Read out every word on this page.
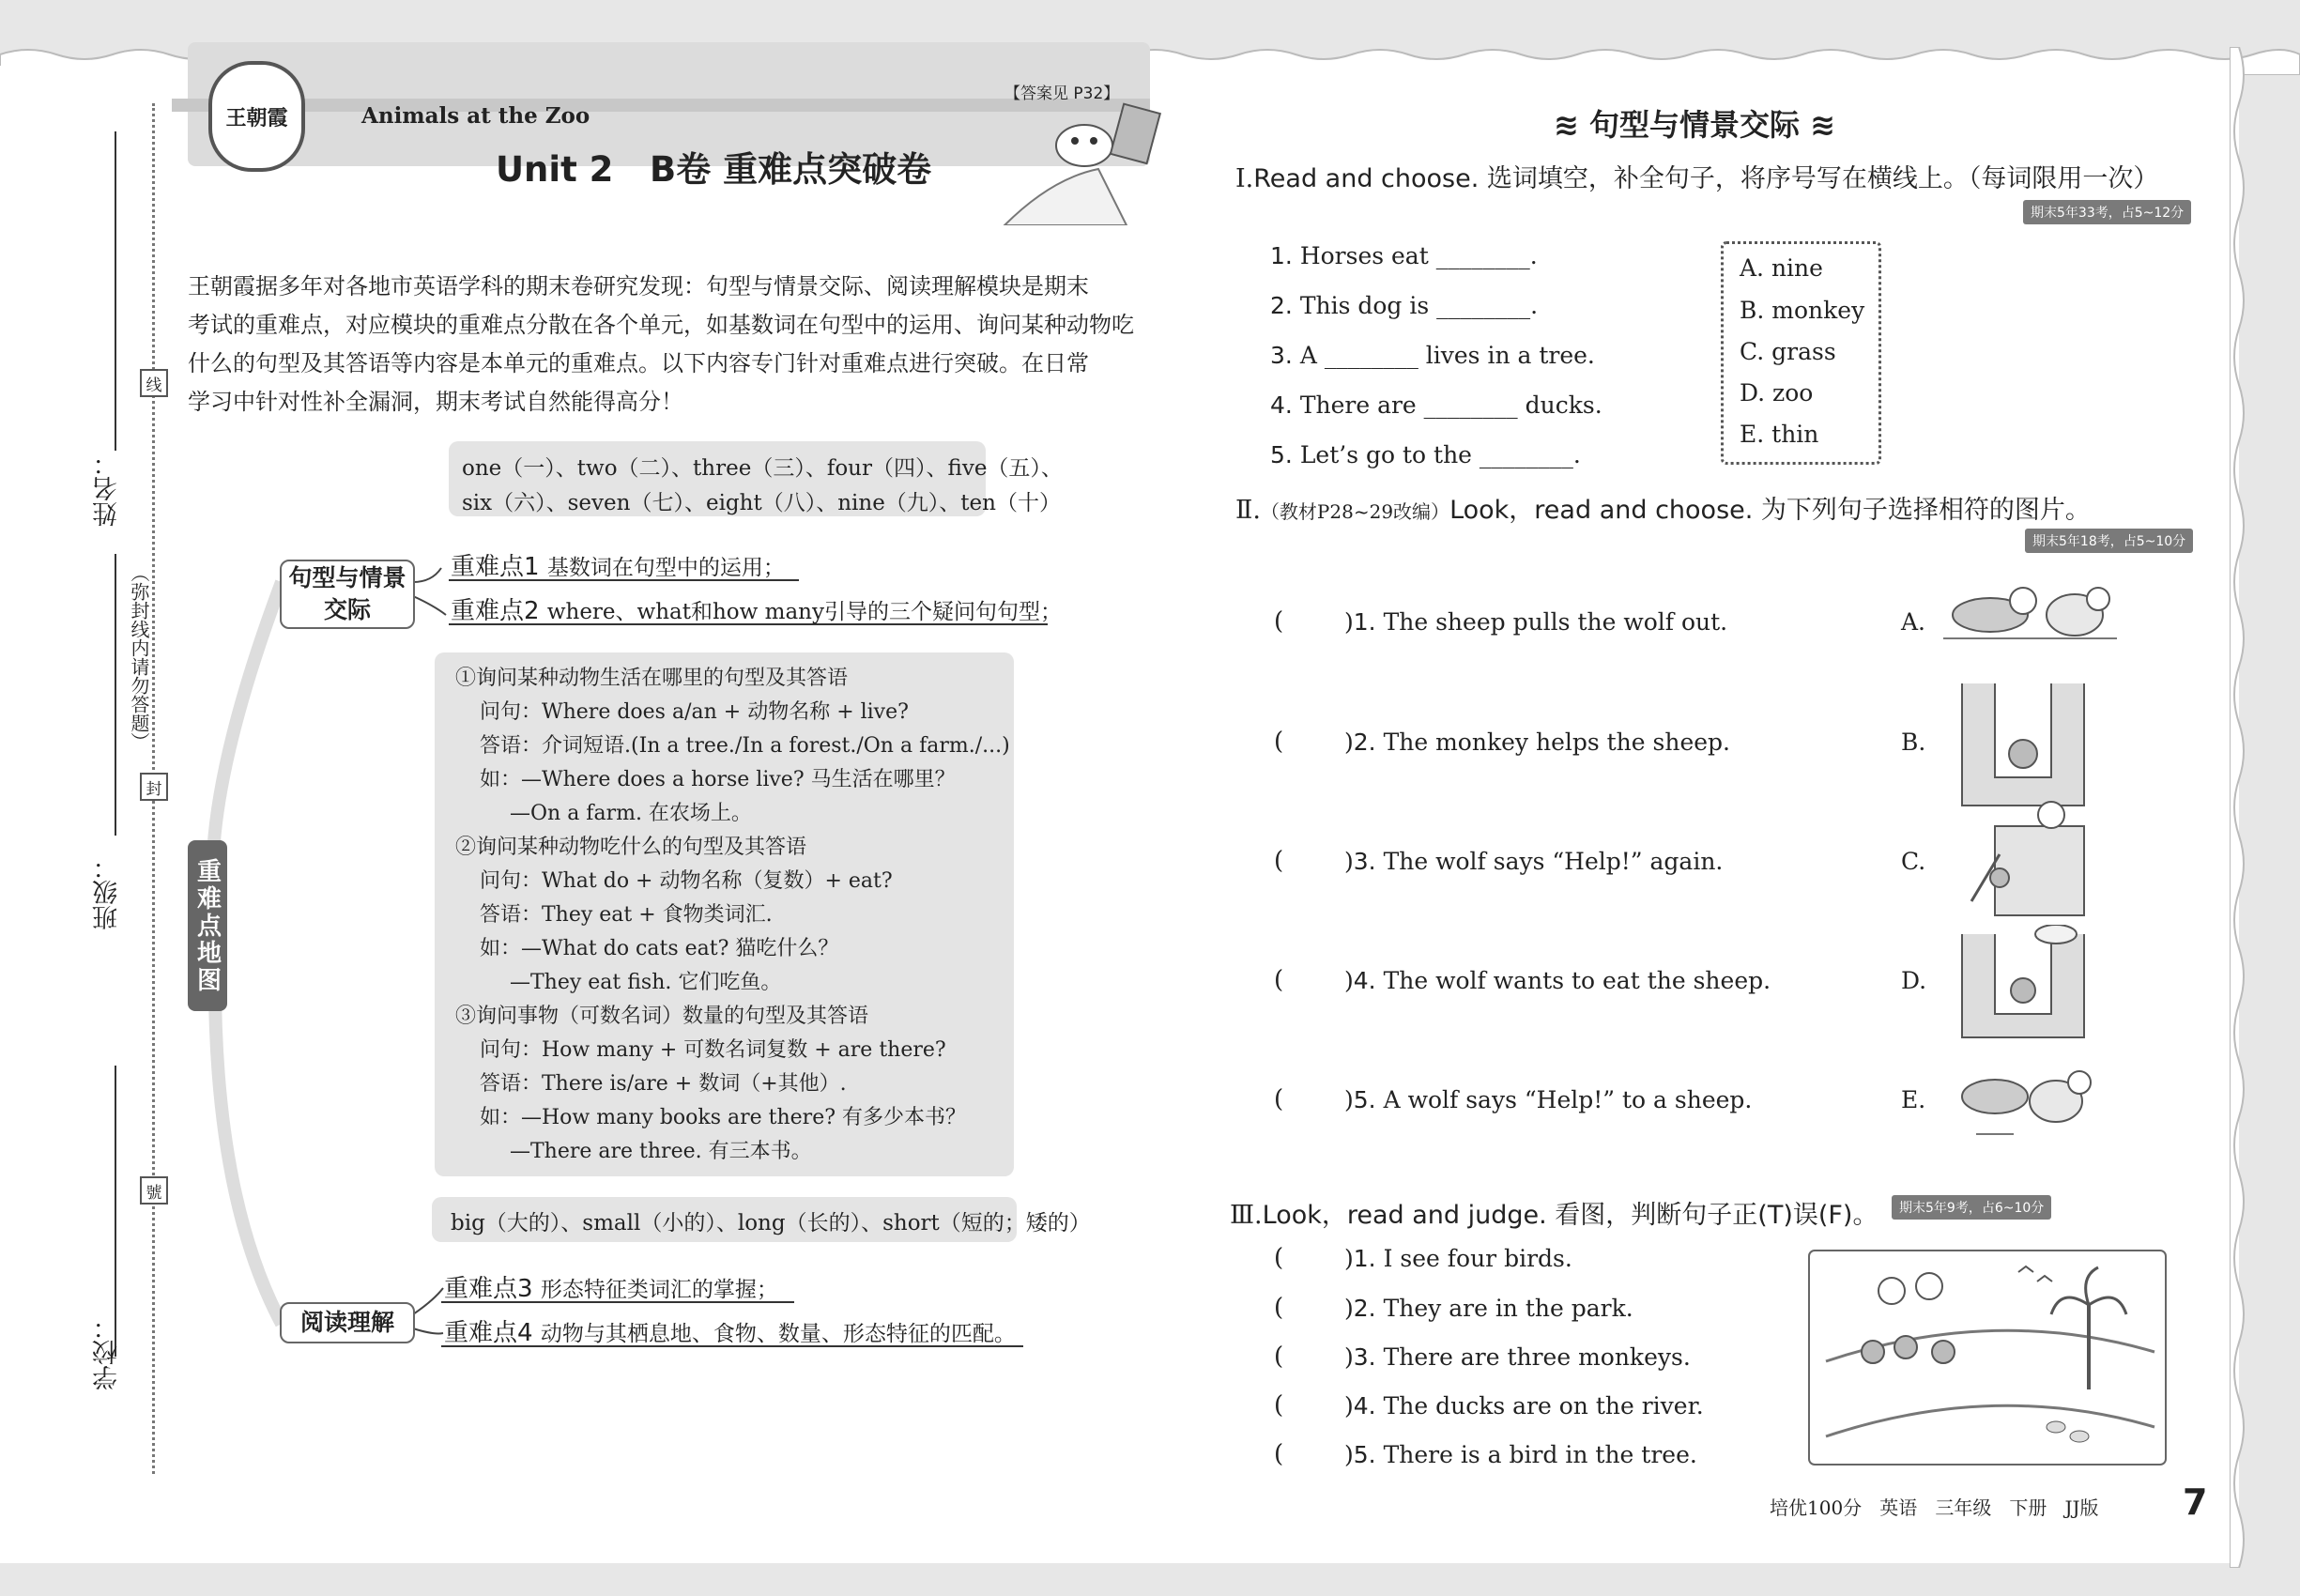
姓名：
班级：
学校：
线
封
號
（弥封线内请勿答题）
王朝霞	Animals at the Zoo
Unit 2   B卷 重难点突破卷
【答案见 P32】
王朝霞据多年对各地市英语学科的期末卷研究发现：句型与情景交际、阅读理解模块是期末
考试的重难点，对应模块的重难点分散在各个单元，如基数词在句型中的运用、询问某种动物吃
什么的句型及其答语等内容是本单元的重难点。以下内容专门针对重难点进行突破。在日常
学习中针对性补全漏洞，期末考试自然能得高分！
重难点地图
one（一）、two（二）、three（三）、four（四）、five（五）、
six（六）、seven（七）、eight（八）、nine（九）、ten（十）
句型与情景
交际
重难点1 基数词在句型中的运用；
重难点2 where、what和how many引导的三个疑问句句型；
①询问某种动物生活在哪里的句型及其答语
问句：Where does a/an + 动物名称 + live?
答语：介词短语.(In a tree./In a forest./On a farm./...)
如：—Where does a horse live? 马生活在哪里？
—On a farm. 在农场上。
②询问某种动物吃什么的句型及其答语
问句：What do + 动物名称（复数）+ eat?
答语：They eat + 食物类词汇.
如：—What do cats eat? 猫吃什么？
—They eat fish. 它们吃鱼。
③询问事物（可数名词）数量的句型及其答语
问句：How many + 可数名词复数 + are there?
答语：There is/are + 数词（+其他）.
如：—How many books are there? 有多少本书？
—There are three. 有三本书。
big（大的）、small（小的）、long（长的）、short（短的；矮的）
阅读理解
重难点3 形态特征类词汇的掌握；
重难点4 动物与其栖息地、食物、数量、形态特征的匹配。
≋ 句型与情景交际 ≋
Ⅰ.Read and choose. 选词填空，补全句子，将序号写在横线上。（每词限用一次）
期末5年33考，占5~12分
1. Horses eat ________.
2. This dog is ________.
3. A ________ lives in a tree.
4. There are ________ ducks.
5. Let’s go to the ________.
A. nine
B. monkey
C. grass
D. zoo
E. thin
Ⅱ.（教材P28~29改编）Look，read and choose. 为下列句子选择相符的图片。
期末5年18考，占5~10分
(	)1. The sheep pulls the wolf out.	A.
(	)2. The monkey helps the sheep.	B.
(	)3. The wolf says “Help!” again.	C.
(	)4. The wolf wants to eat the sheep.	D.
(	)5. A wolf says “Help!” to a sheep.	E.
Ⅲ.Look，read and judge. 看图，判断句子正(T)误(F)。	期末5年9考，占6~10分
(	)1. I see four birds.
(	)2. They are in the park.
(	)3. There are three monkeys.
(	)4. The ducks are on the river.
(	)5. There is a bird in the tree.
培优100分   英语   三年级   下册   JJ版 7
